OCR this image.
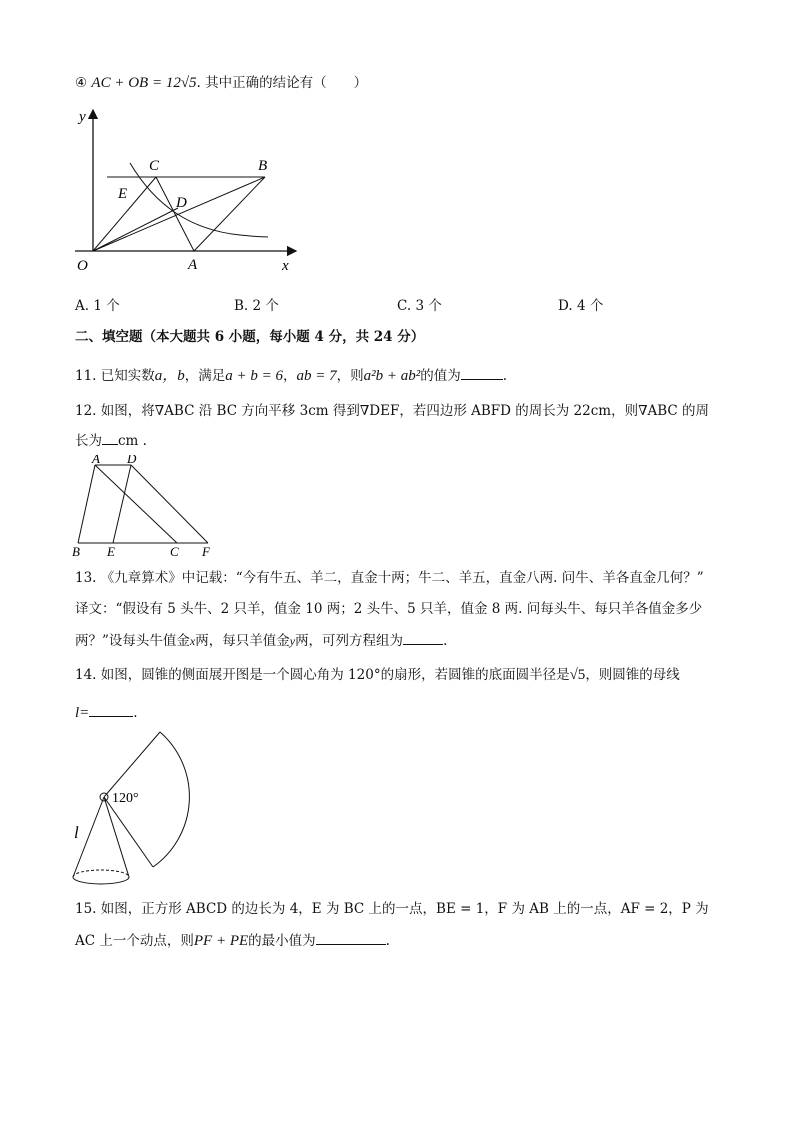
④ AC + OB = 12√5. 其中正确的结论有（　　）
y
x
O	A
B
C
D
E
A. 1 个	B. 2 个	C. 3 个	D. 4 个
二、填空题（本大题共 6 小题，每小题 4 分，共 24 分）
11. 已知实数a，b，满足a + b = 6，ab = 7，则a²b + ab²的值为	.
12. 如图，将∇ABC 沿 BC 方向平移 3cm 得到∇DEF，若四边形 ABFD 的周长为 22cm，则∇ABC 的周
长为 cm .
A D
B E	C F
13. 《九章算术》中记载：“今有牛五、羊二，直金十两；牛二、羊五，直金八两. 问牛、羊各直金几何？”
译文：“假设有 5 头牛、2 只羊，值金 10 两；2 头牛、5 只羊，值金 8 两. 问每头牛、每只羊各值金多少
两？”设每头牛值金x两，每只羊值金y两，可列方程组为	.
14. 如图，圆锥的侧面展开图是一个圆心角为 120°的扇形，若圆锥的底面圆半径是√5，则圆锥的母线
l=	.
120°
l
15. 如图，正方形 ABCD 的边长为 4，E 为 BC 上的一点，BE = 1，F 为 AB 上的一点，AF = 2，P 为
AC 上一个动点，则PF + PE的最小值为	.
